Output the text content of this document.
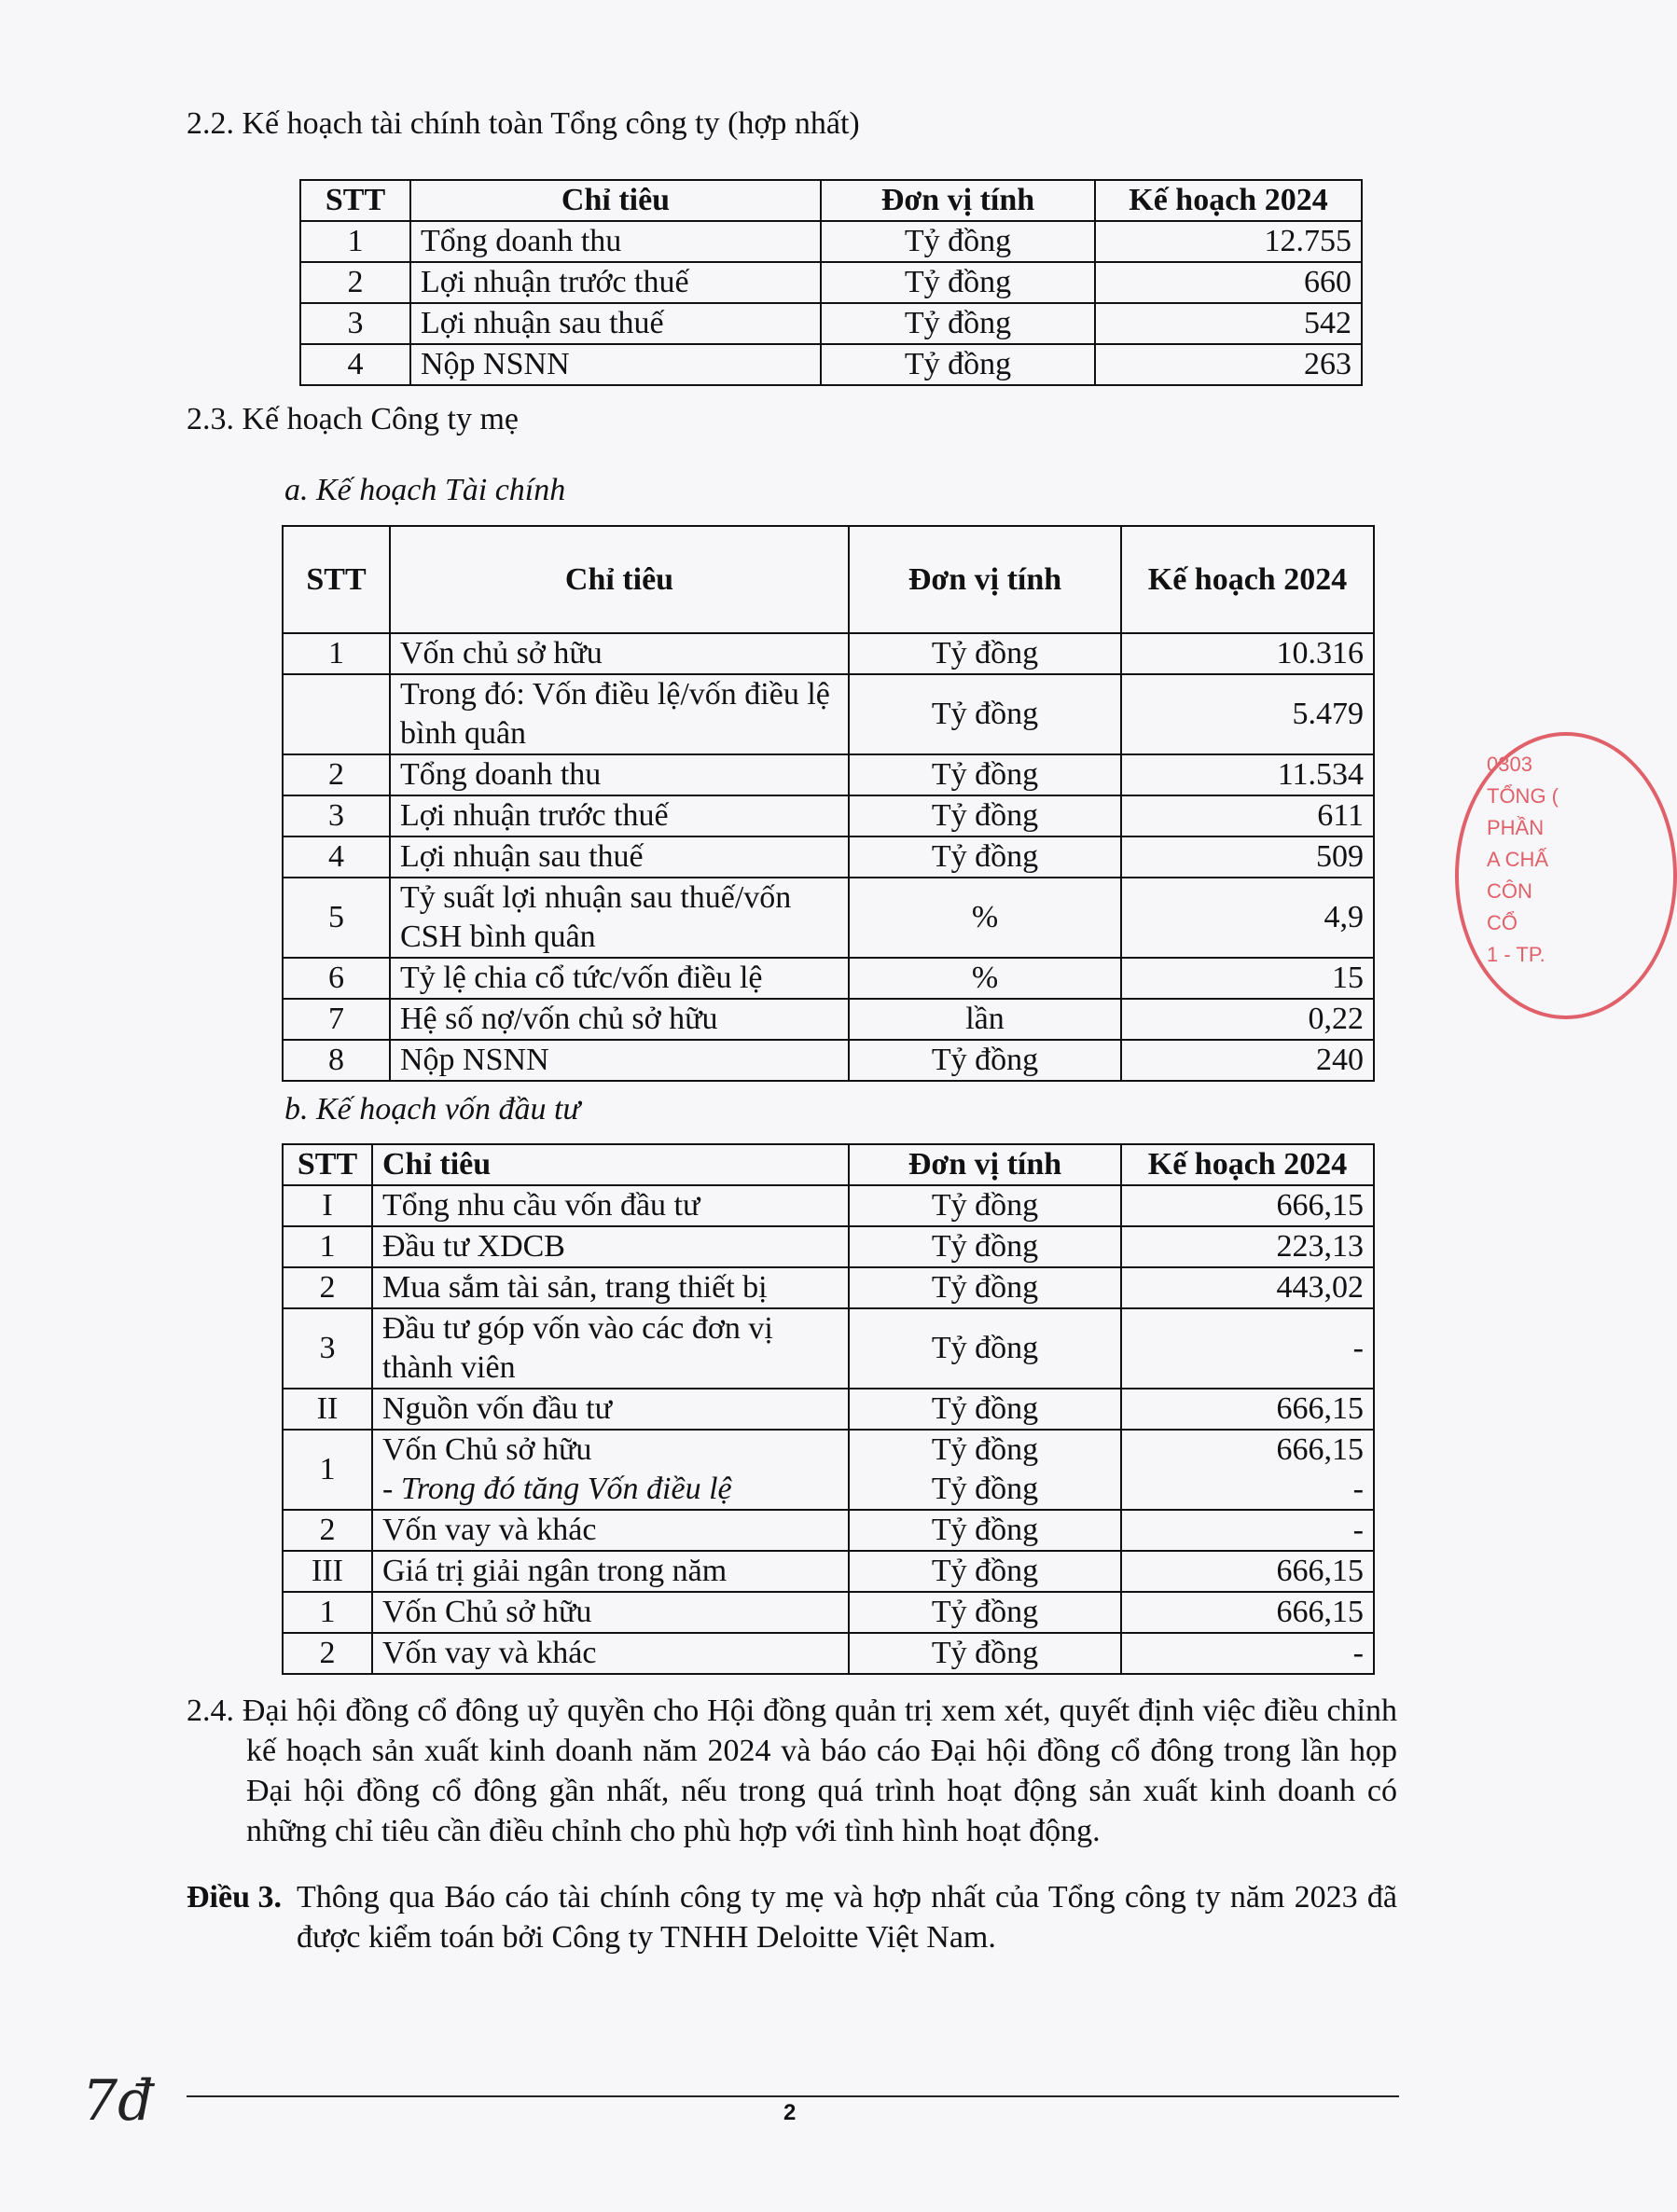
2.2. Kế hoạch tài chính toàn Tổng công ty (hợp nhất)
STT	Chỉ tiêu	Đơn vị tính	Kế hoạch 2024
1	Tổng doanh thu	Tỷ đồng	12.755
2	Lợi nhuận trước thuế	Tỷ đồng	660
3	Lợi nhuận sau thuế	Tỷ đồng	542
4	Nộp NSNN	Tỷ đồng	263
2.3. Kế hoạch Công ty mẹ
a. Kế hoạch Tài chính
STT	Chỉ tiêu	Đơn vị tính	Kế hoạch 2024
1	Vốn chủ sở hữu	Tỷ đồng	10.316
	Trong đó: Vốn điều lệ/vốn điều lệ bình quân	Tỷ đồng	5.479
2	Tổng doanh thu	Tỷ đồng	11.534
3	Lợi nhuận trước thuế	Tỷ đồng	611
4	Lợi nhuận sau thuế	Tỷ đồng	509
5	Tỷ suất lợi nhuận sau thuế/vốn CSH bình quân	%	4,9
6	Tỷ lệ chia cổ tức/vốn điều lệ	%	15
7	Hệ số nợ/vốn chủ sở hữu	lần	0,22
8	Nộp NSNN	Tỷ đồng	240
b. Kế hoạch vốn đầu tư
STT	Chỉ tiêu	Đơn vị tính	Kế hoạch 2024
I	Tổng nhu cầu vốn đầu tư	Tỷ đồng	666,15
1	Đầu tư XDCB	Tỷ đồng	223,13
2	Mua sắm tài sản, trang thiết bị	Tỷ đồng	443,02
3	Đầu tư góp vốn vào các đơn vị thành viên	Tỷ đồng	-
II	Nguồn vốn đầu tư	Tỷ đồng	666,15
1	Vốn Chủ sở hữu	Tỷ đồng	666,15
	- Trong đó tăng Vốn điều lệ	Tỷ đồng	-
2	Vốn vay và khác	Tỷ đồng	-
III	Giá trị giải ngân trong năm	Tỷ đồng	666,15
1	Vốn Chủ sở hữu	Tỷ đồng	666,15
2	Vốn vay và khác	Tỷ đồng	-
2.4. Đại hội đồng cổ đông uỷ quyền cho Hội đồng quản trị xem xét, quyết định việc điều chỉnh kế hoạch sản xuất kinh doanh năm 2024 và báo cáo Đại hội đồng cổ đông trong lần họp Đại hội đồng cổ đông gần nhất, nếu trong quá trình hoạt động sản xuất kinh doanh có những chỉ tiêu cần điều chỉnh cho phù hợp với tình hình hoạt động.
Điều 3. Thông qua Báo cáo tài chính công ty mẹ và hợp nhất của Tổng công ty năm 2023 đã được kiểm toán bởi Công ty TNHH Deloitte Việt Nam.
2
7đ
0303
TỔNG (
PHẦN
A CHẤ
CÔN
CỔ
1 - TP.
